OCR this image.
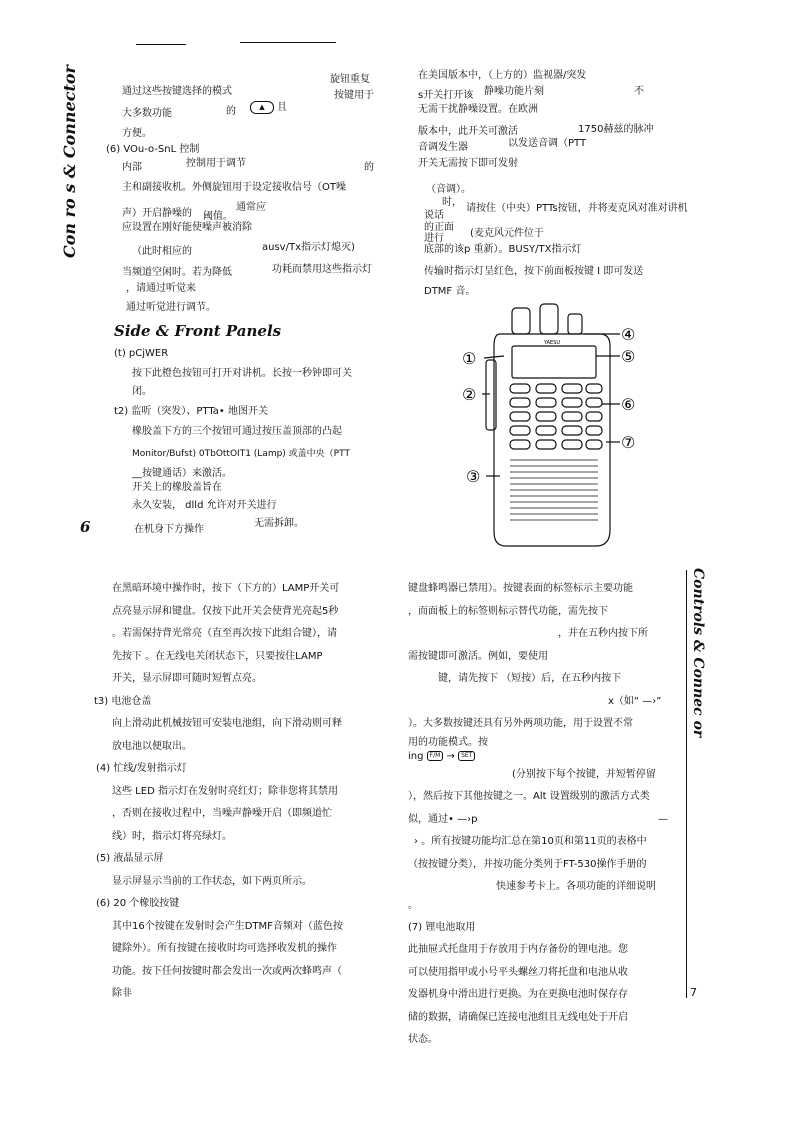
Con ro s & Connector
Controls & Connec or
6
7
通过这些按键选择的模式
旋钮重复
按键用于
大多数功能	的	▲	且
方便。
(6) VOu-o-SnL 控制
内部	控制用于调节	的
主和副接收机。外侧旋钮用于设定接收信号（OT噪
声）开启静噪的 阈值。
通常应
应设置在刚好能使噪声被消除
（此时相应的	ausv/Tx指示灯熄灭)
当频道空闲时。若为降低	功耗而禁用这些指示灯
，请通过听觉来
通过听觉进行调节。
在美国版本中，（上方的）监视器/突发
s开关打开该 静噪功能片刻	不
无需干扰静噪设置。在欧洲
版本中，此开关可激活	1750赫兹的脉冲
音调发生器	以发送音调（PTT
开关无需按下即可发射
（音调）。
时，
说话
请按住（中央）PTTs按钮，并将麦克风对准对讲机
的正面
进行	(麦克风元件位于
底部的该p 重新）。BUSY/TX指示灯
传输时指示灯呈红色，按下前面板按键 I 即可发送
DTMF 音。
Side & Front Panels
(t) pCjWER
按下此橙色按钮可打开对讲机。长按一秒钟即可关
闭。
t2) 监听（突发）、PTTa• 地图开关
橡胶盖下方的三个按钮可通过按压盖顶部的凸起
Monitor/Bufst) 0TbOttOIT1 (Lamp) 或盖中央（PTT
__按键通话）来激活。
开关上的橡胶盖旨在
永久安装， dlld 允许对开关进行
在机身下方操作
无需拆卸。
YAESU
①
②
③
④
⑤
⑥
⑦

在黑暗环境中操作时，按下（下方的）LAMP开关可

点亮显示屏和键盘。仅按下此开关会使背光亮起5秒

。若需保持背光常亮（直至再次按下此组合键），请

先按下 。在无线电关闭状态下，只要按住LAMP

开关，显示屏即可随时短暂点亮。

t3) 电池仓盖

向上滑动此机械按钮可安装电池组，向下滑动则可释

放电池以便取出。

(4) 忙线/发射指示灯

这些 LED 指示灯在发射时亮红灯；除非您将其禁用

，否则在接收过程中，当噪声静噪开启（即频道忙

线）时，指示灯将亮绿灯。

(5) 液晶显示屏

显示屏显示当前的工作状态，如下两页所示。

(6) 20 个橡胶按键

其中16个按键在发射时会产生DTMF音频对（蓝色按

键除外）。所有按键在接收时均可选择收发机的操作

功能。按下任何按键时都会发出一次或两次蜂鸣声（

除非

键盘蜂鸣器已禁用）。按键表面的标签标示主要功能

，而面板上的标签则标示替代功能，需先按下

，并在五秒内按下所

需按键即可激活。例如，要使用

键，请先按下 （短按）后，在五秒内按下

x（如“ —›”

）。大多数按键还具有另外两项功能，用于设置不常

用的功能模式。按

ing F/M → SET

(分别按下每个按键，并短暂停留

），然后按下其他按键之一。Alt 设置级别的激活方式类

似，通过• —›p	—

› 。所有按键功能均汇总在第10页和第11页的表格中

（按按键分类），并按功能分类列于FT-530操作手册的

快速参考卡上。各项功能的详细说明

。

(7) 锂电池取用

此抽屉式托盘用于存放用于内存备份的锂电池。您

可以使用指甲或小号平头螺丝刀将托盘和电池从收

发器机身中滑出进行更换。为在更换电池时保存存

储的数据，请确保已连接电池组且无线电处于开启

状态。
